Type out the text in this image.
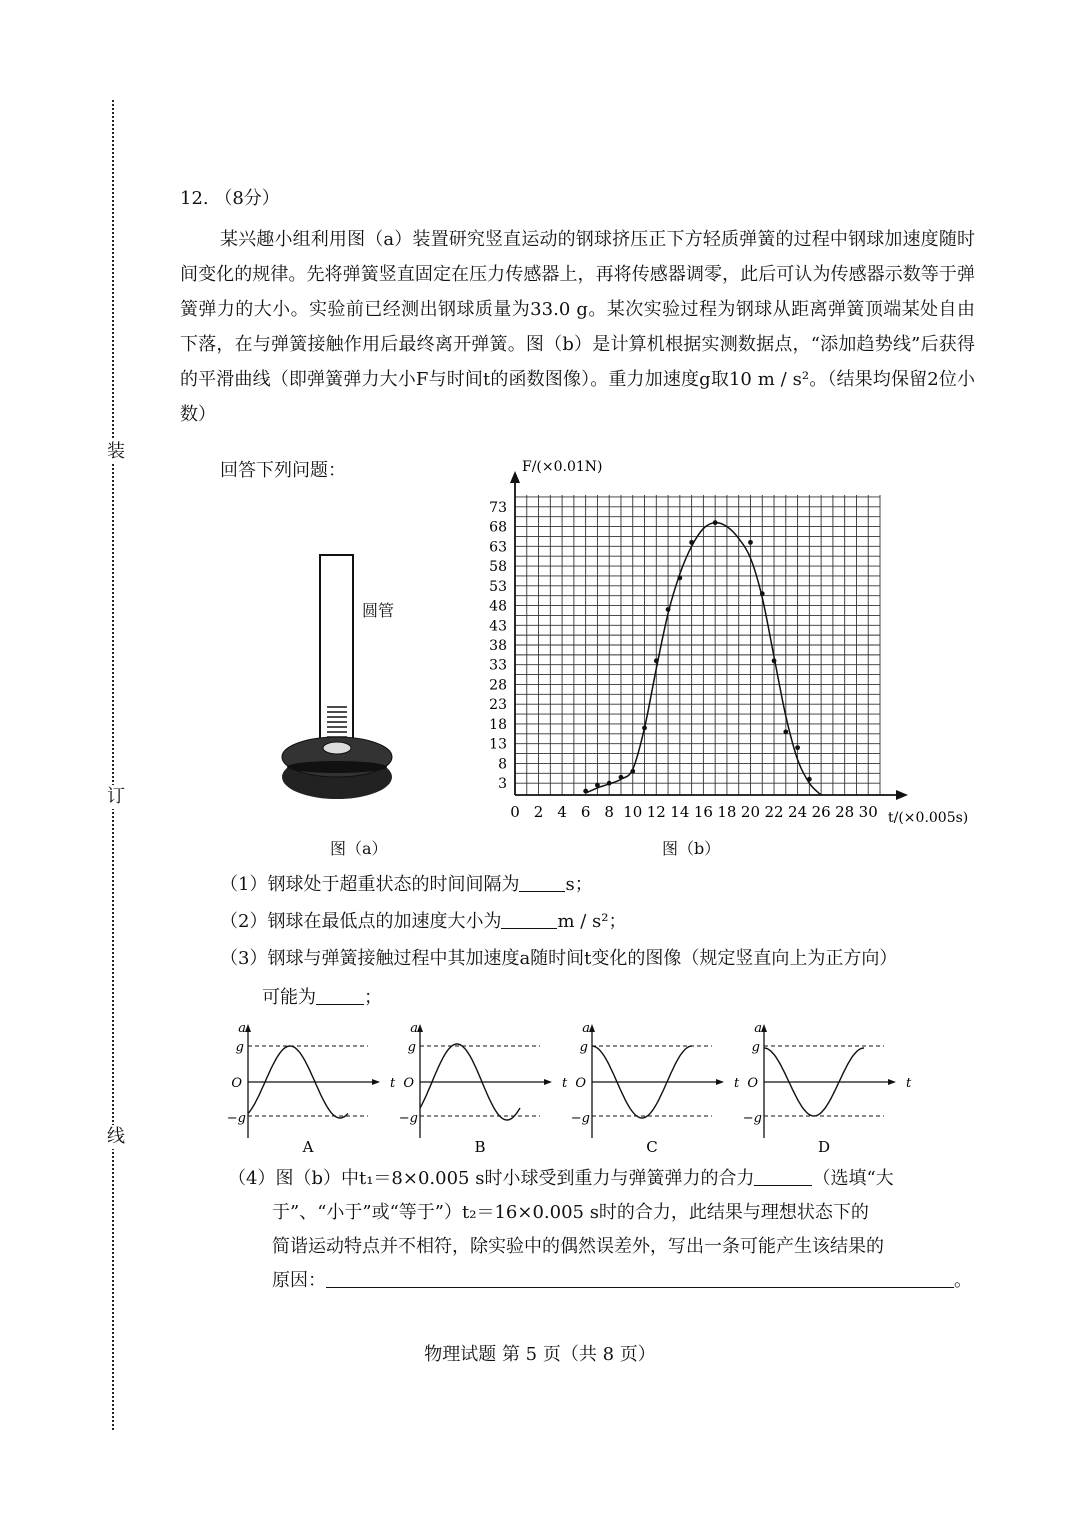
装
订
线
12. （8分）
某兴趣小组利用图（a）装置研究竖直运动的钢球挤压正下方轻质弹簧的过程中钢球加速度随时间变化的规律。先将弹簧竖直固定在压力传感器上，再将传感器调零，此后可认为传感器示数等于弹簧弹力的大小。实验前已经测出钢球质量为33.0 g。某次实验过程为钢球从距离弹簧顶端某处自由下落，在与弹簧接触作用后最终离开弹簧。图（b）是计算机根据实测数据点，“添加趋势线”后获得的平滑曲线（即弹簧弹力大小F与时间t的函数图像）。重力加速度g取10 m / s²。（结果均保留2位小数）
回答下列问题：
圆管
图（a）
0 2 4 6 8 10 12 14 16 18 20 22 24 26 28 30
3
8
13
18
23
28
33
38
43
48
53
58
63
68
73
F/(×0.01N)
t/(×0.005s)
图（b）
（1）钢球处于超重状态的时间间隔为	s；
（2）钢球在最低点的加速度大小为	m / s²；
（3）钢球与弹簧接触过程中其加速度a随时间t变化的图像（规定竖直向上为正方向）
可能为	；
a
g
O
−g
t
A
a
g
O
−g
t
B
a
g
O
−g
t
C
a
g
O
−g
t
D
（4）图（b）中t₁＝8×0.005 s时小球受到重力与弹簧弹力的合力	（选填“大
于”、“小于”或“等于”）t₂＝16×0.005 s时的合力，此结果与理想状态下的
简谐运动特点并不相符，除实验中的偶然误差外，写出一条可能产生该结果的
原因：	。
物理试题 第 5 页（共 8 页）
